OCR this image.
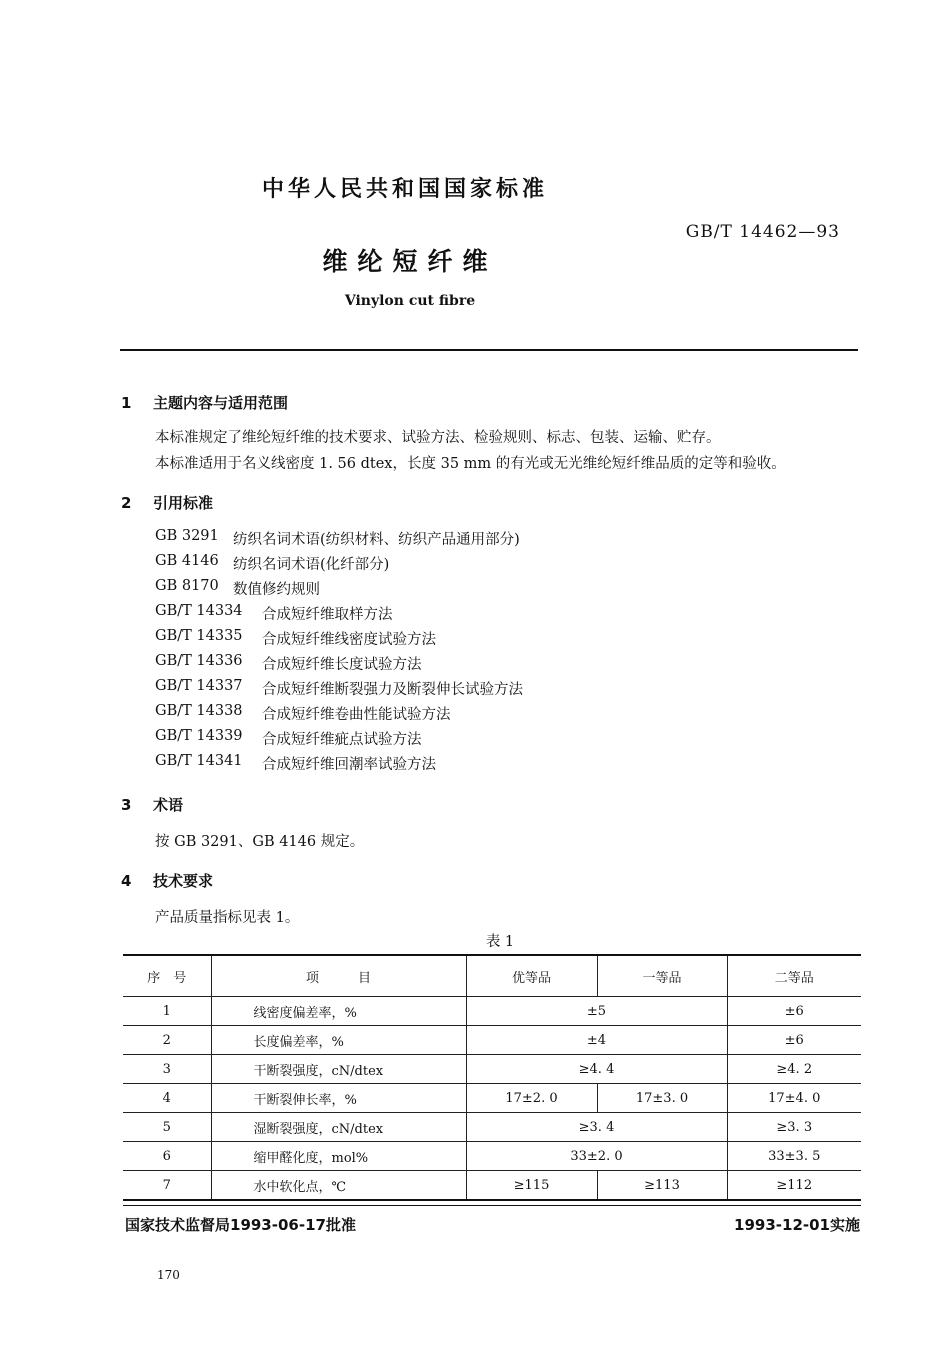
中华人民共和国国家标准
GB/T 14462—93
维纶短纤维
Vinylon cut fibre
1 主题内容与适用范围
本标准规定了维纶短纤维的技术要求、试验方法、检验规则、标志、包装、运输、贮存。
本标准适用于名义线密度 1. 56 dtex，长度 35 mm 的有光或无光维纶短纤维品质的定等和验收。
2 引用标准
GB 3291 纺织名词术语(纺织材料、纺织产品通用部分)
GB 4146 纺织名词术语(化纤部分)
GB 8170 数值修约规则
GB/T 14334 合成短纤维取样方法
GB/T 14335 合成短纤维线密度试验方法
GB/T 14336 合成短纤维长度试验方法
GB/T 14337 合成短纤维断裂强力及断裂伸长试验方法
GB/T 14338 合成短纤维卷曲性能试验方法
GB/T 14339 合成短纤维疵点试验方法
GB/T 14341 合成短纤维回潮率试验方法
3 术语
按 GB 3291、GB 4146 规定。
4 技术要求
产品质量指标见表 1。
表 1
序　号	项　　　目	优等品	一等品	二等品
1	线密度偏差率，%	±5		±6
2	长度偏差率，%	±4		±6
3	干断裂强度，cN/dtex	≥4. 4		≥4. 2
4	干断裂伸长率，%	17±2. 0	17±3. 0	17±4. 0
5	湿断裂强度，cN/dtex	≥3. 4		≥3. 3
6	缩甲醛化度，mol%	33±2. 0		33±3. 5
7	水中软化点，℃	≥115	≥113	≥112
国家技术监督局1993-06-17批准	1993-12-01实施
170
